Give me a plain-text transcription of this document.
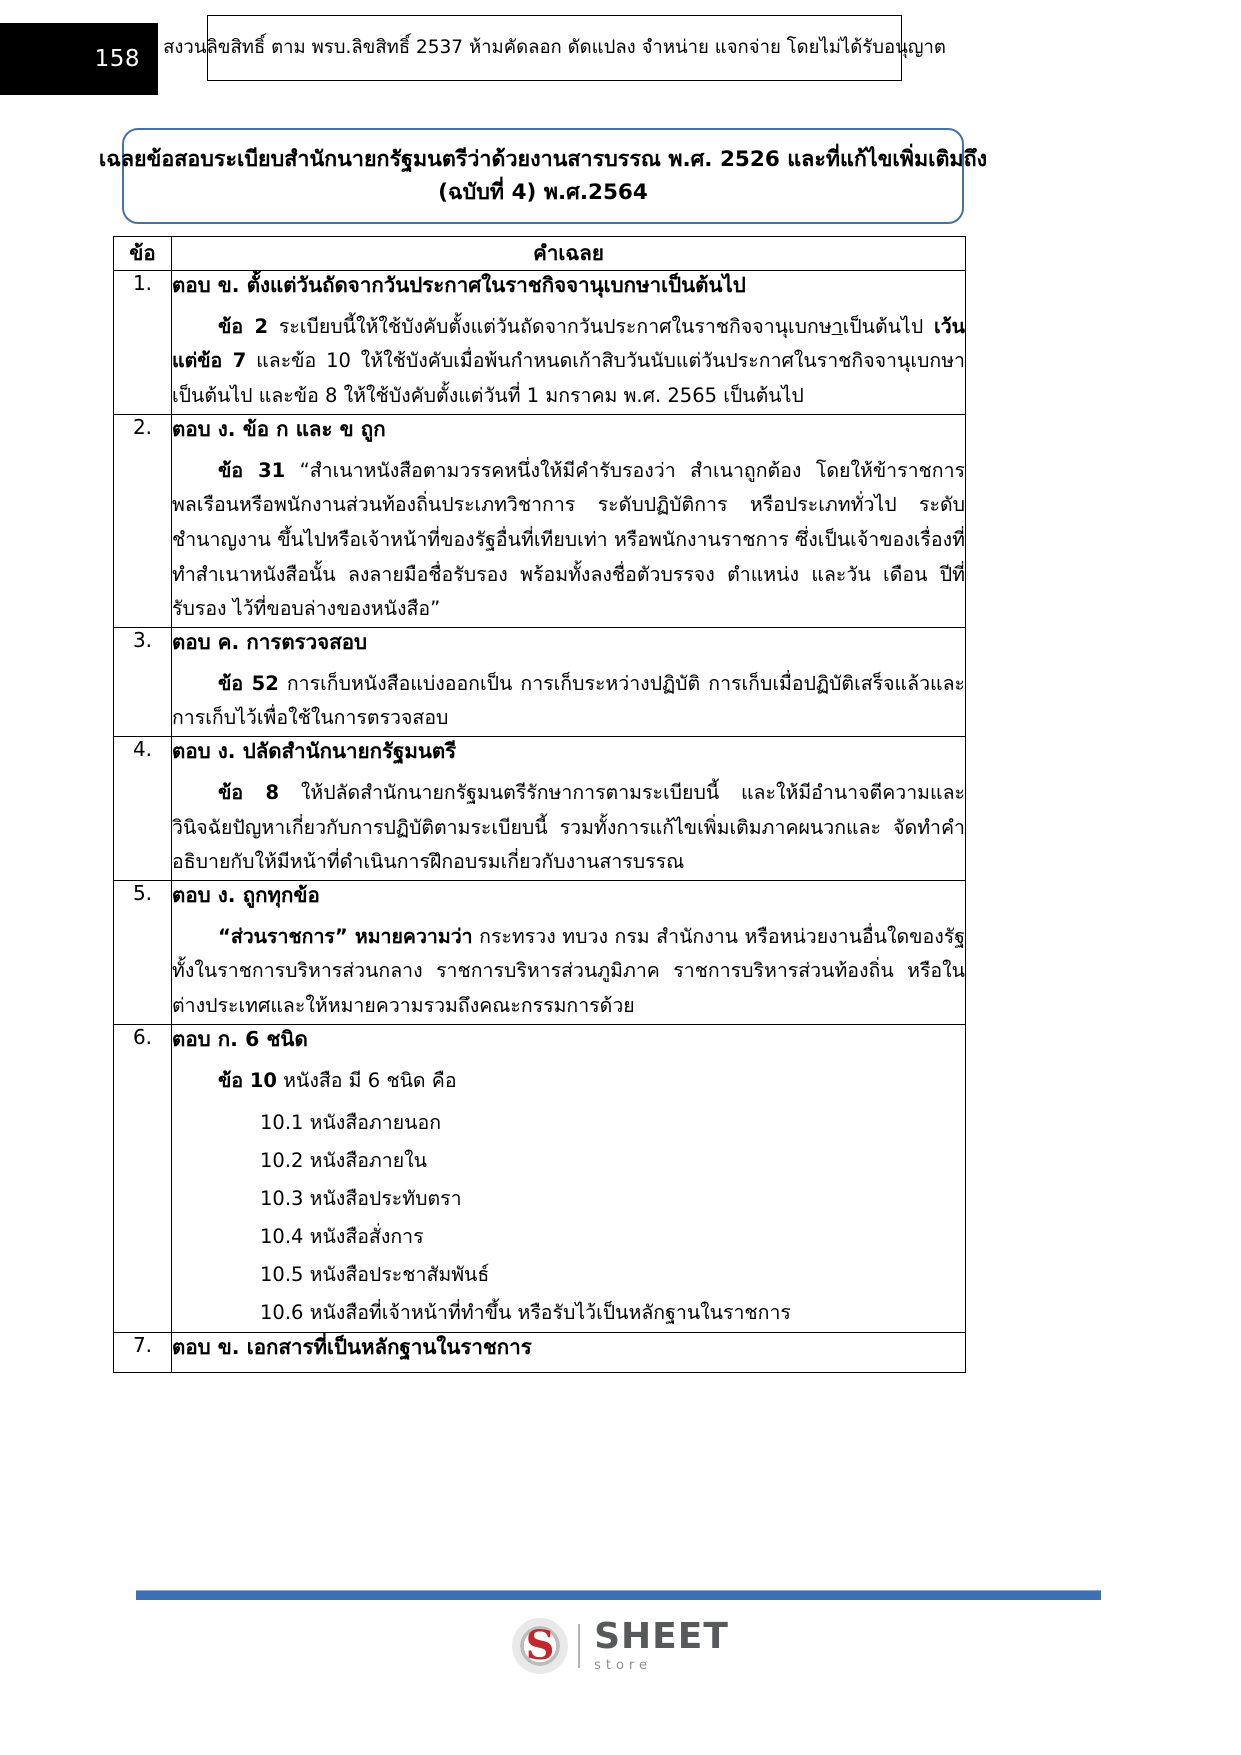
158 สงวนลิขสิทธิ์ ตาม พรบ.ลิขสิทธิ์ 2537 ห้ามคัดลอก ดัดแปลง จำหน่าย แจกจ่าย โดยไม่ได้รับอนุญาต
เฉลยข้อสอบระเบียบสำนักนายกรัฐมนตรีว่าด้วยงานสารบรรณ พ.ศ. 2526 และที่แก้ไขเพิ่มเติมถึง
(ฉบับที่ 4) พ.ศ.2564
ข้อ	คำเฉลย
1.	ตอบ ข. ตั้งแต่วันถัดจากวันประกาศในราชกิจจานุเบกษาเป็นต้นไป

ข้อ 2 ระเบียบนี้ให้ใช้บังคับตั้งแต่วันถัดจากวันประกาศในราชกิจจานุเบกษาเป็นต้นไป เว้นแต่ข้อ 7 และข้อ 10 ให้ใช้บังคับเมื่อพ้นกำหนดเก้าสิบวันนับแต่วันประกาศในราชกิจจานุเบกษา เป็นต้นไป และข้อ 8 ให้ใช้บังคับตั้งแต่วันที่ 1 มกราคม พ.ศ. 2565 เป็นต้นไป

2.	ตอบ ง. ข้อ ก และ ข ถูก

ข้อ 31 “สำเนาหนังสือตามวรรคหนึ่งให้มีคำรับรองว่า สำเนาถูกต้อง โดยให้ข้าราชการพลเรือนหรือพนักงานส่วนท้องถิ่นประเภทวิชาการ ระดับปฏิบัติการ หรือประเภททั่วไป ระดับชำนาญงาน ขึ้นไปหรือเจ้าหน้าที่ของรัฐอื่นที่เทียบเท่า หรือพนักงานราชการ ซึ่งเป็นเจ้าของเรื่องที่ทำสำเนาหนังสือนั้น ลงลายมือชื่อรับรอง พร้อมทั้งลงชื่อตัวบรรจง ตำแหน่ง และวัน เดือน ปีที่รับรอง ไว้ที่ขอบล่างของหนังสือ”

3.	ตอบ ค. การตรวจสอบ

ข้อ 52 การเก็บหนังสือแบ่งออกเป็น การเก็บระหว่างปฏิบัติ การเก็บเมื่อปฏิบัติเสร็จแล้วและการเก็บไว้เพื่อใช้ในการตรวจสอบ

4.	ตอบ ง. ปลัดสำนักนายกรัฐมนตรี

ข้อ 8 ให้ปลัดสำนักนายกรัฐมนตรีรักษาการตามระเบียบนี้ และให้มีอำนาจตีความและวินิจฉัยปัญหาเกี่ยวกับการปฏิบัติตามระเบียบนี้ รวมทั้งการแก้ไขเพิ่มเติมภาคผนวกและ จัดทำคำอธิบายกับให้มีหน้าที่ดำเนินการฝึกอบรมเกี่ยวกับงานสารบรรณ

5.	ตอบ ง. ถูกทุกข้อ

“ส่วนราชการ” หมายความว่า กระทรวง ทบวง กรม สำนักงาน หรือหน่วยงานอื่นใดของรัฐทั้งในราชการบริหารส่วนกลาง ราชการบริหารส่วนภูมิภาค ราชการบริหารส่วนท้องถิ่น หรือในต่างประเทศและให้หมายความรวมถึงคณะกรรมการด้วย

6.	ตอบ ก. 6 ชนิด

ข้อ 10 หนังสือ มี 6 ชนิด คือ

10.1 หนังสือภายนอก
10.2 หนังสือภายใน
10.3 หนังสือประทับตรา
10.4 หนังสือสั่งการ
10.5 หนังสือประชาสัมพันธ์
10.6 หนังสือที่เจ้าหน้าที่ทำขึ้น หรือรับไว้เป็นหลักฐานในราชการ

7.	ตอบ ข. เอกสารที่เป็นหลักฐานในราชการ

S
SHEET
store
